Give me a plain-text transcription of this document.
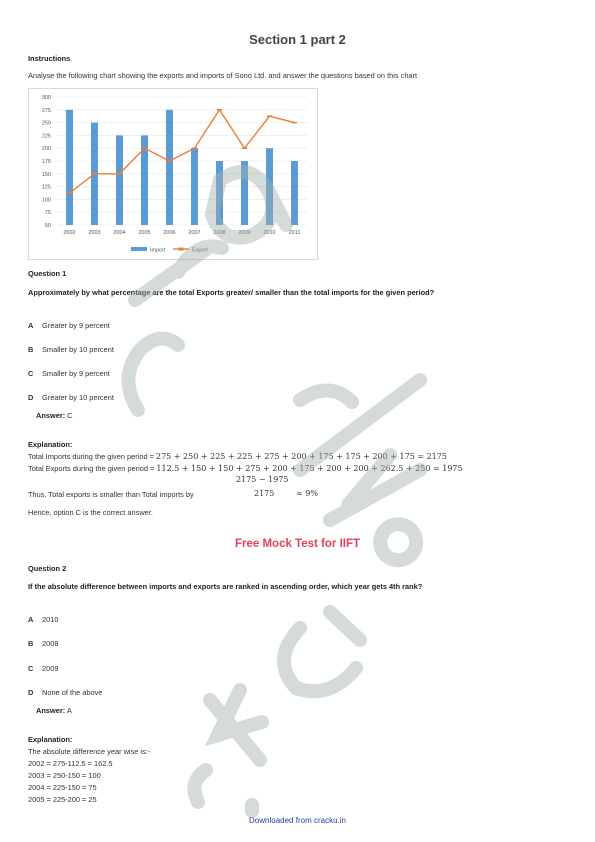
Section 1 part 2
Instructions
Analyse the following chart showing the exports and imports of Sono Ltd. and answer the questions based on this chart
50
75
100
125
150
175
200
225
250
275
300
2002 2003 2004 2005 2006 2007 2008 2009 2010 2011
Import	Export
Question 1
Approximately by what percentage are the total Exports greater/ smaller than the total imports for the given period?
A Greater by 9 percent
B Smaller by 10 percent
C Smaller by 9 percent
D Greater by 10 percent
Answer: C
Explanation:
Total Imports during the given period = 275 + 250 + 225 + 225 + 275 + 200 + 175 + 175 + 200 + 175 = 2175
Total Exports during the given period = 112.5 + 150 + 150 + 275 + 200 + 175 + 200 + 200 + 262.5 + 250 = 1975
2175 − 1975
Thus, Total exports is smaller than Total imports by	2175	≈ 9%
Hence, option C is the correct answer.
Free Mock Test for IIFT
Question 2
If the absolute difference between imports and exports are ranked in ascending order, which year gets 4th rank?
A 2010
B 2008
C 2009
D None of the above
Answer: A
Explanation:
The absolute difference year wise is:-
2002 = 275-112.5 = 162.5
2003 = 250-150 = 100
2004 = 225-150 = 75
2005 = 225-200 = 25
Downloaded from cracku.in
